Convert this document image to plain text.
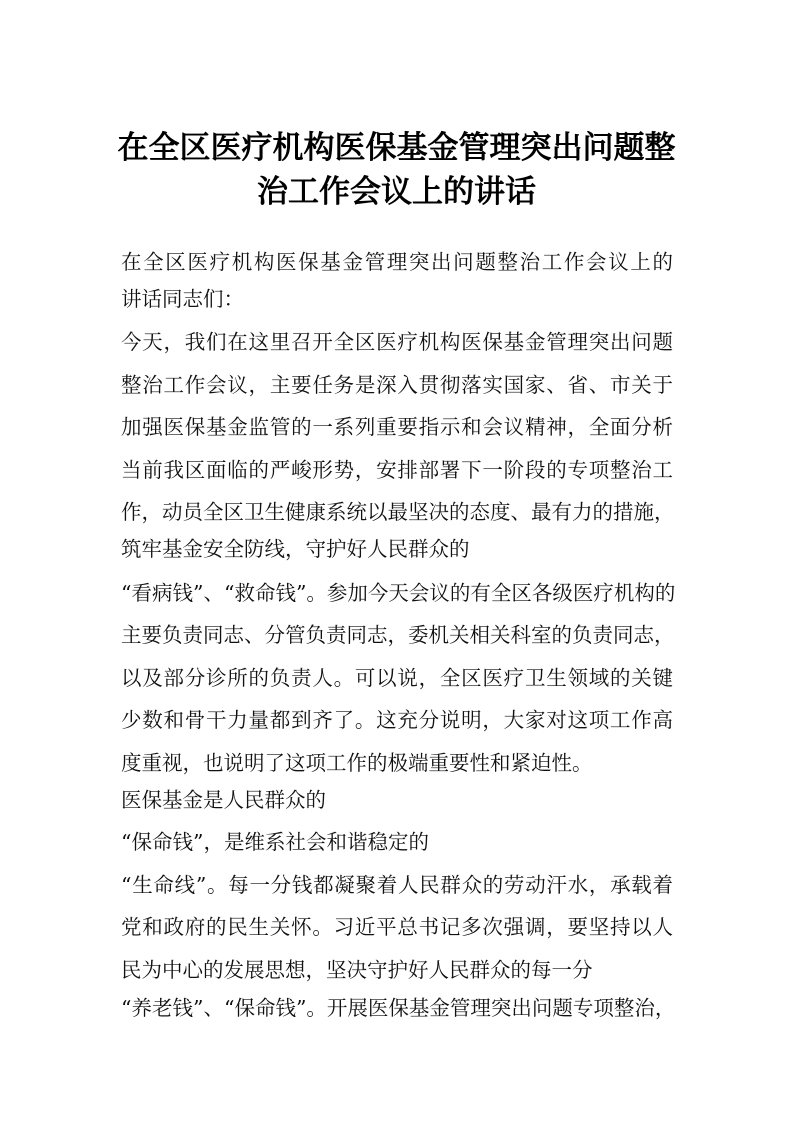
在全区医疗机构医保基金管理突出问题整
治工作会议上的讲话
在全区医疗机构医保基金管理突出问题整治工作会议上的
讲话同志们：
今天，我们在这里召开全区医疗机构医保基金管理突出问题
整治工作会议，主要任务是深入贯彻落实国家、省、市关于
加强医保基金监管的一系列重要指示和会议精神，全面分析
当前我区面临的严峻形势，安排部署下一阶段的专项整治工
作，动员全区卫生健康系统以最坚决的态度、最有力的措施，
筑牢基金安全防线，守护好人民群众的
“看病钱”、“救命钱”。参加今天会议的有全区各级医疗机构的
主要负责同志、分管负责同志，委机关相关科室的负责同志，
以及部分诊所的负责人。可以说，全区医疗卫生领域的关键
少数和骨干力量都到齐了。这充分说明，大家对这项工作高
度重视，也说明了这项工作的极端重要性和紧迫性。
医保基金是人民群众的
“保命钱”，是维系社会和谐稳定的
“生命线”。每一分钱都凝聚着人民群众的劳动汗水，承载着
党和政府的民生关怀。习近平总书记多次强调，要坚持以人
民为中心的发展思想，坚决守护好人民群众的每一分
“养老钱”、“保命钱”。开展医保基金管理突出问题专项整治，
